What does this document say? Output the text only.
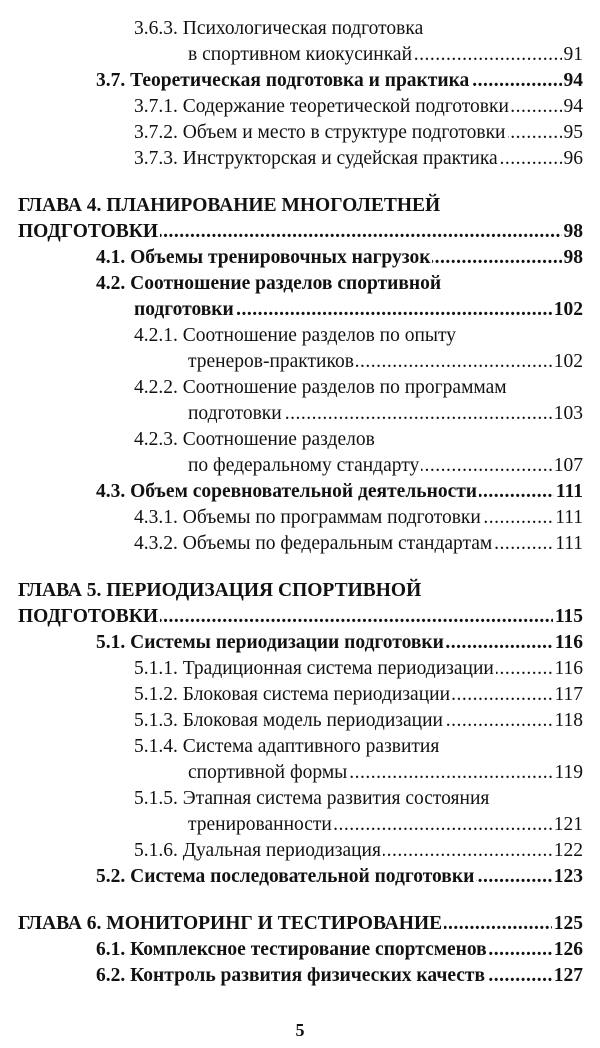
3.6.3. Психологическая подготовка
..... 91
в спортивном киокусинкай
..... 94
3.7. Теоретическая подготовка и практика
..... 94
3.7.1. Содержание теоретической подготовки
..... 95
3.7.2. Объем и место в структуре подготовки
..... 96
3.7.3. Инструкторская и судейская практика
ГЛАВА 4. ПЛАНИРОВАНИЕ МНОГОЛЕТНЕЙ
..... 98
ПОДГОТОВКИ
..... 98
4.1. Объемы тренировочных нагрузок
4.2. Соотношение разделов спортивной
..... 102
подготовки
4.2.1. Соотношение разделов по опыту
..... 102
тренеров-практиков
4.2.2. Соотношение разделов по программам
..... 103
подготовки
4.2.3. Соотношение разделов
..... 107
по федеральному стандарту
..... 111
4.3. Объем соревновательной деятельности
..... 111
4.3.1. Объемы по программам подготовки
..... 111
4.3.2. Объемы по федеральным стандартам
ГЛАВА 5. ПЕРИОДИЗАЦИЯ СПОРТИВНОЙ
..... 115
ПОДГОТОВКИ
..... 116
5.1. Системы периодизации подготовки
..... 116
5.1.1. Традиционная система периодизации
..... 117
5.1.2. Блоковая система периодизации
..... 118
5.1.3. Блоковая модель периодизации
5.1.4. Система адаптивного развития
..... 119
спортивной формы
5.1.5. Этапная система развития состояния
..... 121
тренированности
..... 122
5.1.6. Дуальная периодизация
..... 123
5.2. Система последовательной подготовки
..... 125
ГЛАВА 6. МОНИТОРИНГ И ТЕСТИРОВАНИЕ
..... 126
6.1. Комплексное тестирование спортсменов
..... 127
6.2. Контроль развития физических качеств
5
